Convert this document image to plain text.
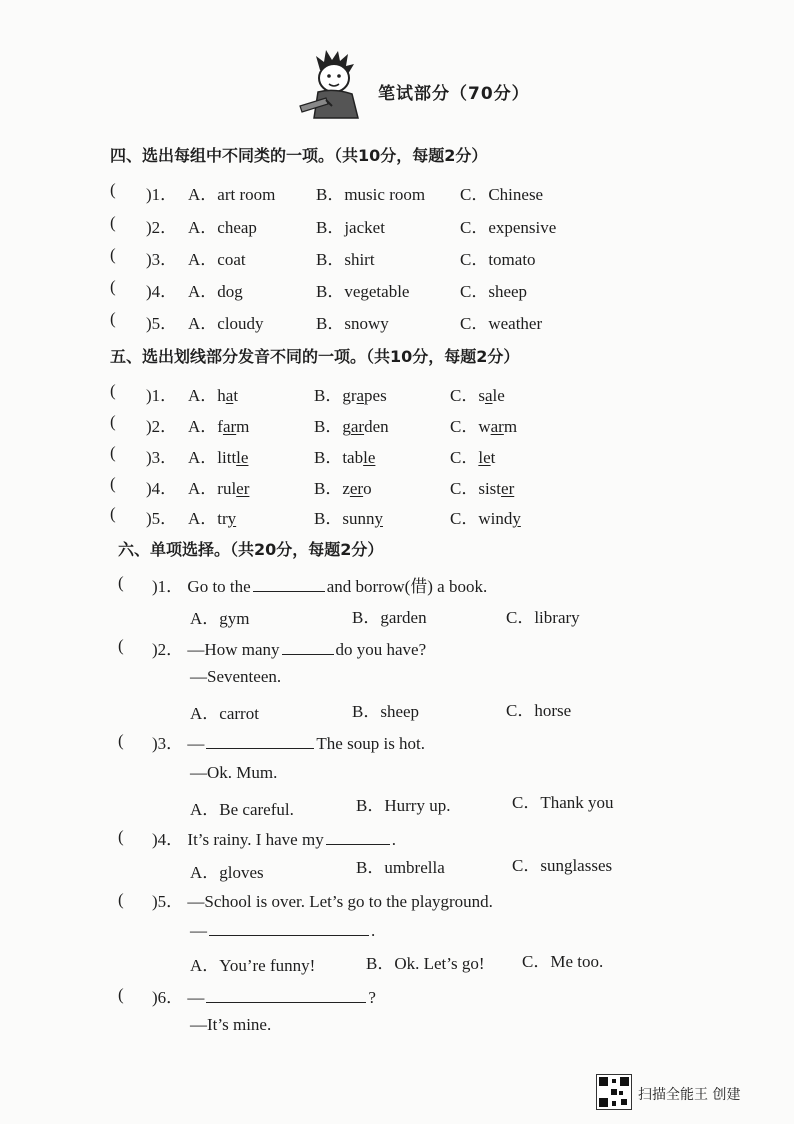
笔试部分（70分）
四、选出每组中不同类的一项。（共10分，每题2分）
( )1． A．art room B．music room C．Chinese
( )2． A．cheap	B．jacket	C．expensive
( )3． A．coat	B．shirt	C．tomato
( )4． A．dog	B．vegetable	C．sheep
( )5． A．cloudy	B．snowy	C．weather
五、选出划线部分发音不同的一项。（共10分，每题2分）
( )1． A．hat	B．grapes	C．sale
( )2． A．farm	B．garden	C．warm
( )3． A．little	B．table	C．let
( )4． A．ruler	B．zero	C．sister
( )5． A．try	B．sunny	C．windy
六、单项选择。（共20分，每题2分）
( )1． Go to the	and borrow(借) a book.
A．gym	B．garden	C．library
( )2． —How many	do you have?
—Seventeen.
A．carrot	B．sheep	C．horse
( )3． —	The soup is hot.
—Ok. Mum.
A．Be careful.	B．Hurry up.	C．Thank you
( )4． It’s rainy. I have my	.
A．gloves	B．umbrella	C．sunglasses
( )5． —School is over. Let’s go to the playground.
—	.
A．You’re funny!	B．Ok. Let’s go! C．Me too.
( )6． —	?
—It’s mine.
扫描全能王 创建
